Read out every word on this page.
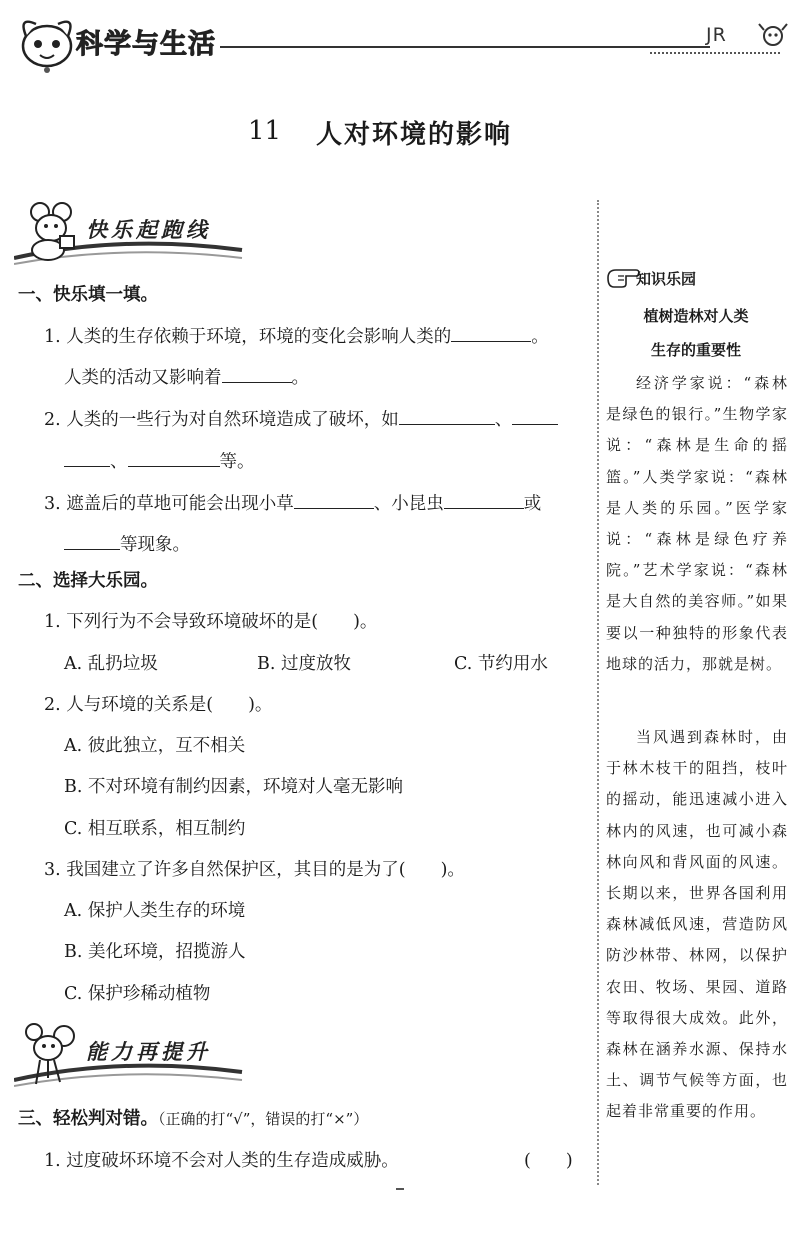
科学与生活	JR
11 人对环境的影响
快乐起跑线
一、快乐填一填。
1. 人类的生存依赖于环境，环境的变化会影响人类的	。
人类的活动又影响着	。
2. 人类的一些行为对自然环境造成了破坏，如	、
、	等。
3. 遮盖后的草地可能会出现小草	、小昆虫	或
等现象。
二、选择大乐园。
1. 下列行为不会导致环境破坏的是(　　)。
A. 乱扔垃圾	B. 过度放牧	C. 节约用水
2. 人与环境的关系是(　　)。
A. 彼此独立，互不相关
B. 不对环境有制约因素，环境对人毫无影响
C. 相互联系，相互制约
3. 我国建立了许多自然保护区，其目的是为了(　　)。
A. 保护人类生存的环境
B. 美化环境，招揽游人
C. 保护珍稀动植物
能力再提升
三、轻松判对错。（正确的打“√”，错误的打“×”）
1. 过度破坏环境不会对人类的生存造成威胁。	(　　)
知识乐园
植树造林对人类
生存的重要性
经济学家说：“森林是绿色的银行。”生物学家说：“森林是生命的摇篮。”人类学家说：“森林是人类的乐园。”医学家说：“森林是绿色疗养院。”艺术学家说：“森林是大自然的美容师。”如果要以一种独特的形象代表地球的活力，那就是树。
当风遇到森林时，由于林木枝干的阻挡，枝叶的摇动，能迅速减小进入林内的风速，也可减小森林向风和背风面的风速。长期以来，世界各国利用森林减低风速，营造防风防沙林带、林网，以保护农田、牧场、果园、道路等取得很大成效。此外，森林在涵养水源、保持水土、调节气候等方面，也起着非常重要的作用。
